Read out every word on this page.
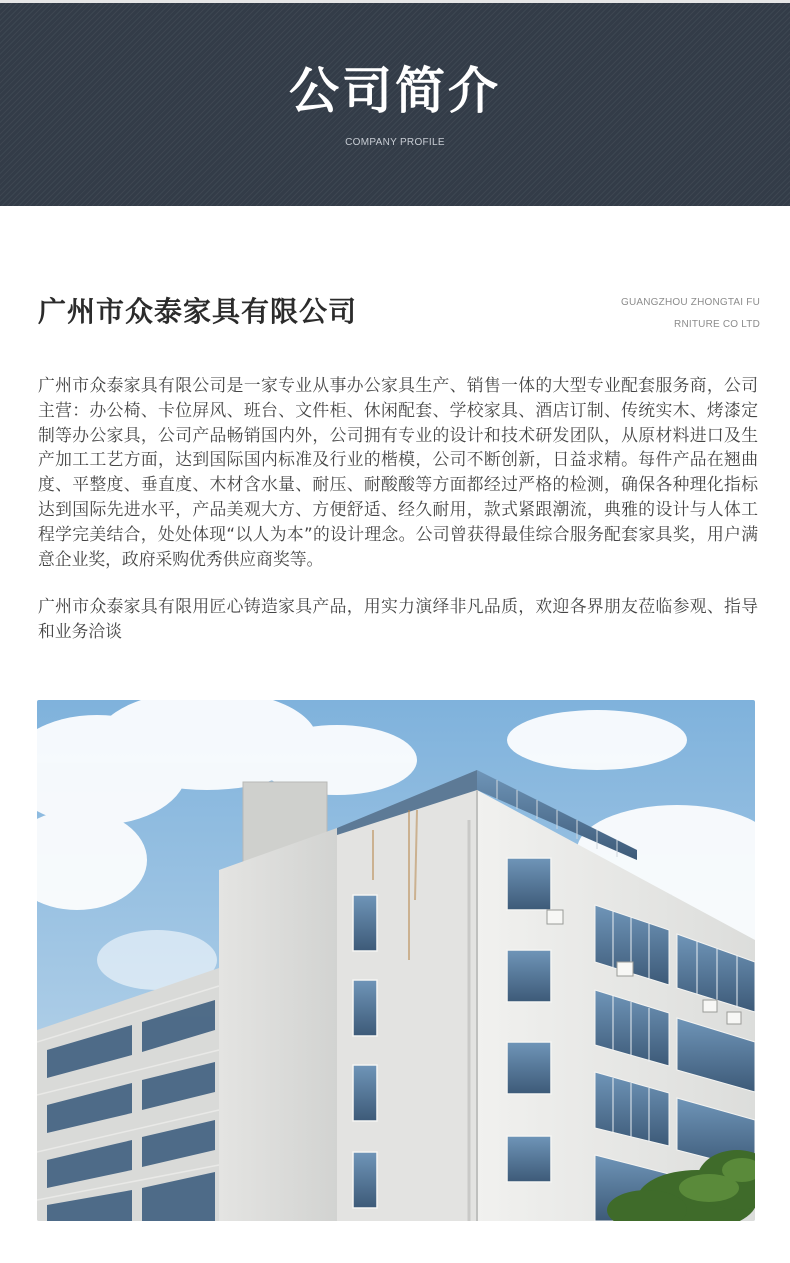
公司简介
COMPANY PROFILE
广州市众泰家具有限公司	GUANGZHOU ZHONGTAI FURNITURE CO LTD

广州市众泰家具有限公司是一家专业从事办公家具生产、销售一体的大型专业配套服务商，公司主营：办公椅、卡位屏风、班台、文件柜、休闲配套、学校家具、酒店订制、传统实木、烤漆定制等办公家具，公司产品畅销国内外，公司拥有专业的设计和技术研发团队，从原材料进口及生产加工工艺方面，达到国际国内标准及行业的楷模，公司不断创新，日益求精。每件产品在翘曲度、平整度、垂直度、木材含水量、耐压、耐酸酸等方面都经过严格的检测，确保各种理化指标达到国际先进水平，产品美观大方、方便舒适、经久耐用，款式紧跟潮流，典雅的设计与人体工程学完美结合，处处体现“以人为本”的设计理念。公司曾获得最佳综合服务配套家具奖，用户满意企业奖，政府采购优秀供应商奖等。

广州市众泰家具有限用匠心铸造家具产品，用实力演绎非凡品质，欢迎各界朋友莅临参观、指导和业务洽谈
